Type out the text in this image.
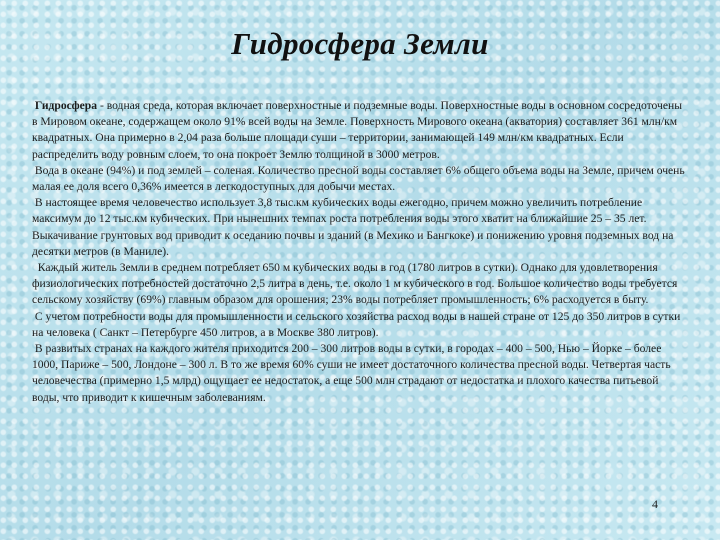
Гидросфера Земли

Гидросфера - водная среда, которая включает поверхностные и подземные воды. Поверхностные воды в основном сосредоточены в Мировом океане, содержащем около 91% всей воды на Земле. Поверхность Мирового океана (акватория) составляет 361 млн/км квадратных. Она примерно в 2,04 раза больше площади суши – территории, занимающей 149 млн/км квадратных. Если распределить воду ровным слоем, то она покроет Землю толщиной в 3000 метров.

Вода в океане (94%) и под землей – соленая. Количество пресной воды составляет 6% общего объема воды на Земле, причем очень малая ее доля всего 0,36% имеется в легкодоступных для добычи местах.

В настоящее время человечество использует 3,8 тыс.км кубических воды ежегодно, причем можно увеличить потребление максимум до 12 тыс.км кубических. При нынешних темпах роста потребления воды этого хватит на ближайшие 25 – 35 лет. Выкачивание грунтовых вод приводит к оседанию почвы и зданий (в Мехико и Бангкоке) и понижению уровня подземных вод на десятки метров (в Маниле).

Каждый житель Земли в среднем потребляет 650 м кубических воды в год (1780 литров в сутки). Однако для удовлетворения физиологических потребностей достаточно 2,5 литра в день, т.е. около 1 м кубического в год. Большое количество воды требуется сельскому хозяйству (69%) главным образом для орошения; 23% воды потребляет промышленность; 6% расходуется в быту.

С учетом потребности воды для промышленности и сельского хозяйства расход воды в нашей стране от 125 до 350 литров в сутки на человека ( Санкт – Петербурге 450 литров, а в Москве 380 литров).

В развитых странах на каждого жителя приходится 200 – 300 литров воды в сутки, в городах – 400 – 500, Нью – Йорке – более 1000, Париже – 500, Лондоне – 300 л. В то же время 60% суши не имеет достаточного количества пресной воды. Четвертая часть человечества (примерно 1,5 млрд) ощущает ее недостаток, а еще 500 млн страдают от недостатка и плохого качества питьевой воды, что приводит к кишечным заболеваниям.

4
